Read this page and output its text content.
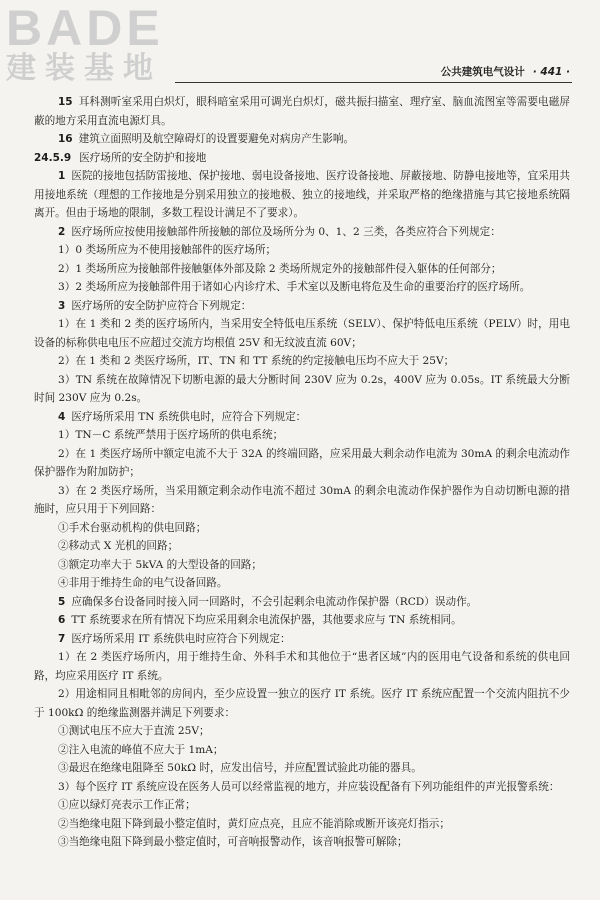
BADE
建装基地	公共建筑电气设计 · 441 ·

15 耳科测听室采用白炽灯，眼科暗室采用可调光白炽灯，磁共振扫描室、理疗室、脑血流图室等需要电磁屏蔽的地方采用直流电源灯具。

16 建筑立面照明及航空障碍灯的设置要避免对病房产生影响。

24.5.9 医疗场所的安全防护和接地

1 医院的接地包括防雷接地、保护接地、弱电设备接地、医疗设备接地、屏蔽接地、防静电接地等，宜采用共用接地系统（理想的工作接地是分别采用独立的接地极、独立的接地线，并采取严格的绝缘措施与其它接地系统隔离开。但由于场地的限制，多数工程设计满足不了要求）。

2 医疗场所应按使用接触部件所接触的部位及场所分为 0、1、2 三类，各类应符合下列规定：

1）0 类场所应为不使用接触部件的医疗场所；

2）1 类场所应为接触部件接触躯体外部及除 2 类场所规定外的接触部件侵入躯体的任何部分；

3）2 类场所应为接触部件用于诸如心内诊疗术、手术室以及断电将危及生命的重要治疗的医疗场所。

3 医疗场所的安全防护应符合下列规定：

1）在 1 类和 2 类的医疗场所内，当采用安全特低电压系统（SELV）、保护特低电压系统（PELV）时，用电设备的标称供电电压不应超过交流方均根值 25V 和无纹波直流 60V；

2）在 1 类和 2 类医疗场所，IT、TN 和 TT 系统的约定接触电压均不应大于 25V；

3）TN 系统在故障情况下切断电源的最大分断时间 230V 应为 0.2s，400V 应为 0.05s。IT 系统最大分断时间 230V 应为 0.2s。

4 医疗场所采用 TN 系统供电时，应符合下列规定：

1）TN－C 系统严禁用于医疗场所的供电系统；

2）在 1 类医疗场所中额定电流不大于 32A 的终端回路，应采用最大剩余动作电流为 30mA 的剩余电流动作保护器作为附加防护；

3）在 2 类医疗场所，当采用额定剩余动作电流不超过 30mA 的剩余电流动作保护器作为自动切断电源的措施时，应只用于下列回路：

①手术台驱动机构的供电回路；

②移动式 X 光机的回路；

③额定功率大于 5kVA 的大型设备的回路；

④非用于维持生命的电气设备回路。

5 应确保多台设备同时接入同一回路时，不会引起剩余电流动作保护器（RCD）误动作。

6 TT 系统要求在所有情况下均应采用剩余电流保护器，其他要求应与 TN 系统相同。

7 医疗场所采用 IT 系统供电时应符合下列规定：

1）在 2 类医疗场所内，用于维持生命、外科手术和其他位于“患者区域”内的医用电气设备和系统的供电回路，均应采用医疗 IT 系统。

2）用途相同且相毗邻的房间内，至少应设置一独立的医疗 IT 系统。医疗 IT 系统应配置一个交流内阻抗不少于 100kΩ 的绝缘监测器并满足下列要求：

①测试电压不应大于直流 25V；

②注入电流的峰值不应大于 1mA；

③最迟在绝缘电阻降至 50kΩ 时，应发出信号，并应配置试验此功能的器具。

3）每个医疗 IT 系统应设在医务人员可以经常监视的地方，并应装设配备有下列功能组件的声光报警系统：

①应以绿灯亮表示工作正常；

②当绝缘电阻下降到最小整定值时，黄灯应点亮，且应不能消除或断开该亮灯指示；

③当绝缘电阻下降到最小整定值时，可音响报警动作，该音响报警可解除；
